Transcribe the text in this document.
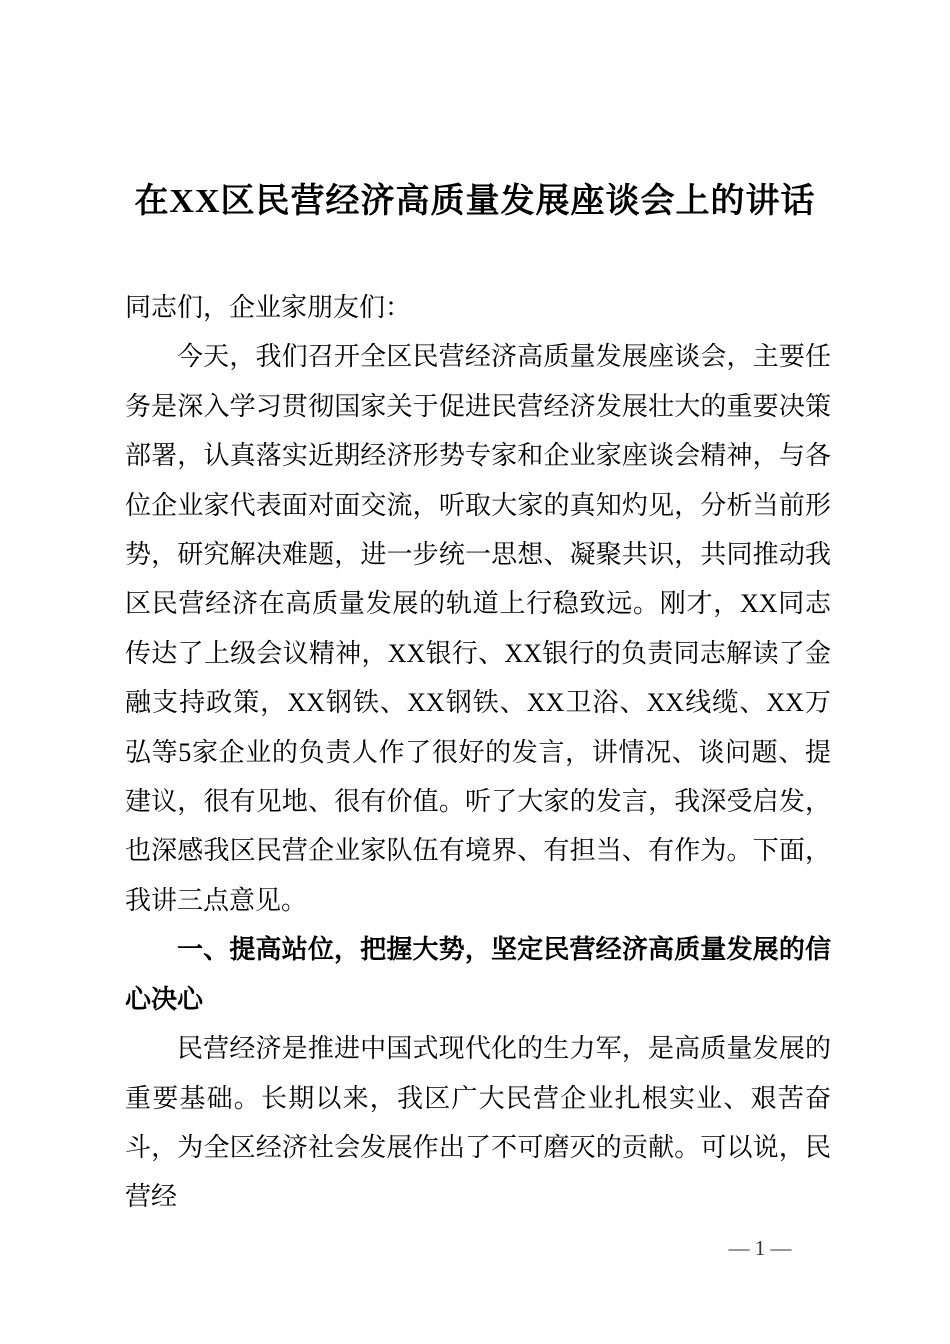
在XX区民营经济高质量发展座谈会上的讲话

同志们，企业家朋友们：

今天，我们召开全区民营经济高质量发展座谈会，主要任务是深入学习贯彻国家关于促进民营经济发展壮大的重要决策部署，认真落实近期经济形势专家和企业家座谈会精神，与各位企业家代表面对面交流，听取大家的真知灼见，分析当前形势，研究解决难题，进一步统一思想、凝聚共识，共同推动我区民营经济在高质量发展的轨道上行稳致远。刚才，XX同志传达了上级会议精神，XX银行、XX银行的负责同志解读了金融支持政策，XX钢铁、XX钢铁、XX卫浴、XX线缆、XX万弘等5家企业的负责人作了很好的发言，讲情况、谈问题、提建议，很有见地、很有价值。听了大家的发言，我深受启发，也深感我区民营企业家队伍有境界、有担当、有作为。下面，我讲三点意见。

一、提高站位，把握大势，坚定民营经济高质量发展的信心决心

民营经济是推进中国式现代化的生力军，是高质量发展的重要基础。长期以来，我区广大民营企业扎根实业、艰苦奋斗，为全区经济社会发展作出了不可磨灭的贡献。可以说，民营经

— 1 —
